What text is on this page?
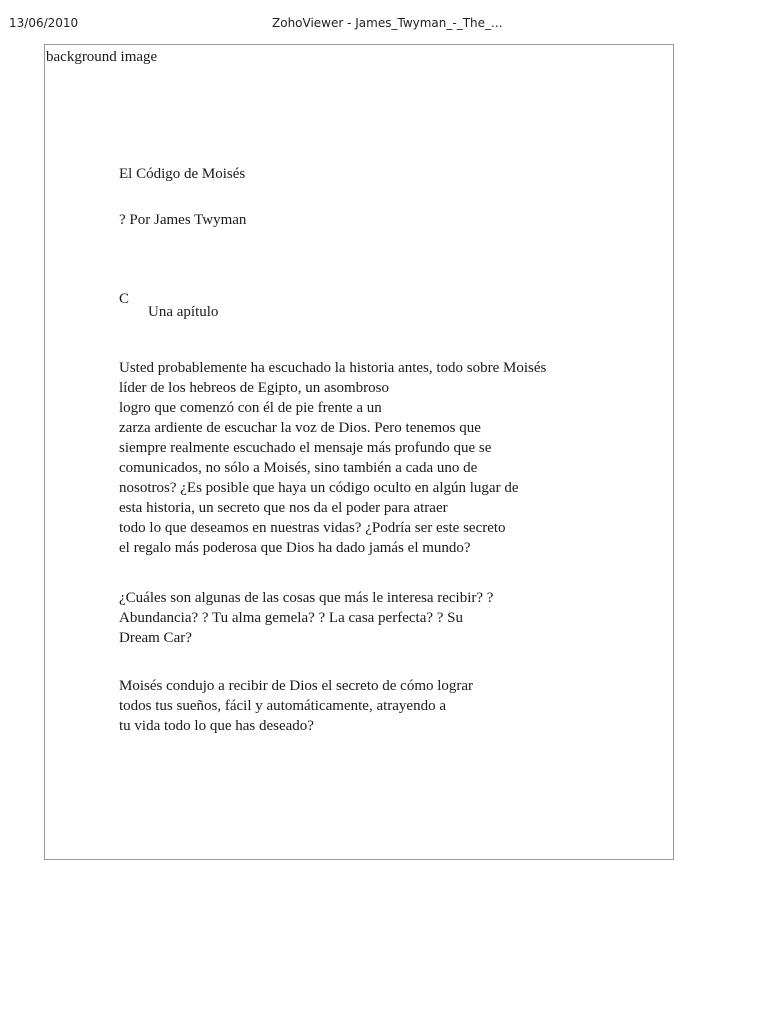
13/06/2010	ZohoViewer - James_Twyman_-_The_...
background image
El Código de Moisés
? Por James Twyman
C
Una apítulo

Usted probablemente ha escuchado la historia antes, todo sobre Moisés
líder de los hebreos de Egipto, un asombroso
logro que comenzó con él de pie frente a un
zarza ardiente de escuchar la voz de Dios. Pero tenemos que
siempre realmente escuchado el mensaje más profundo que se
comunicados, no sólo a Moisés, sino también a cada uno de
nosotros? ¿Es posible que haya un código oculto en algún lugar de
esta historia, un secreto que nos da el poder para atraer
todo lo que deseamos en nuestras vidas? ¿Podría ser este secreto
el regalo más poderosa que Dios ha dado jamás el mundo?

¿Cuáles son algunas de las cosas que más le interesa recibir? ?
Abundancia? ? Tu alma gemela? ? La casa perfecta? ? Su
Dream Car?

Moisés condujo a recibir de Dios el secreto de cómo lograr
todos tus sueños, fácil y automáticamente, atrayendo a
tu vida todo lo que has deseado?
